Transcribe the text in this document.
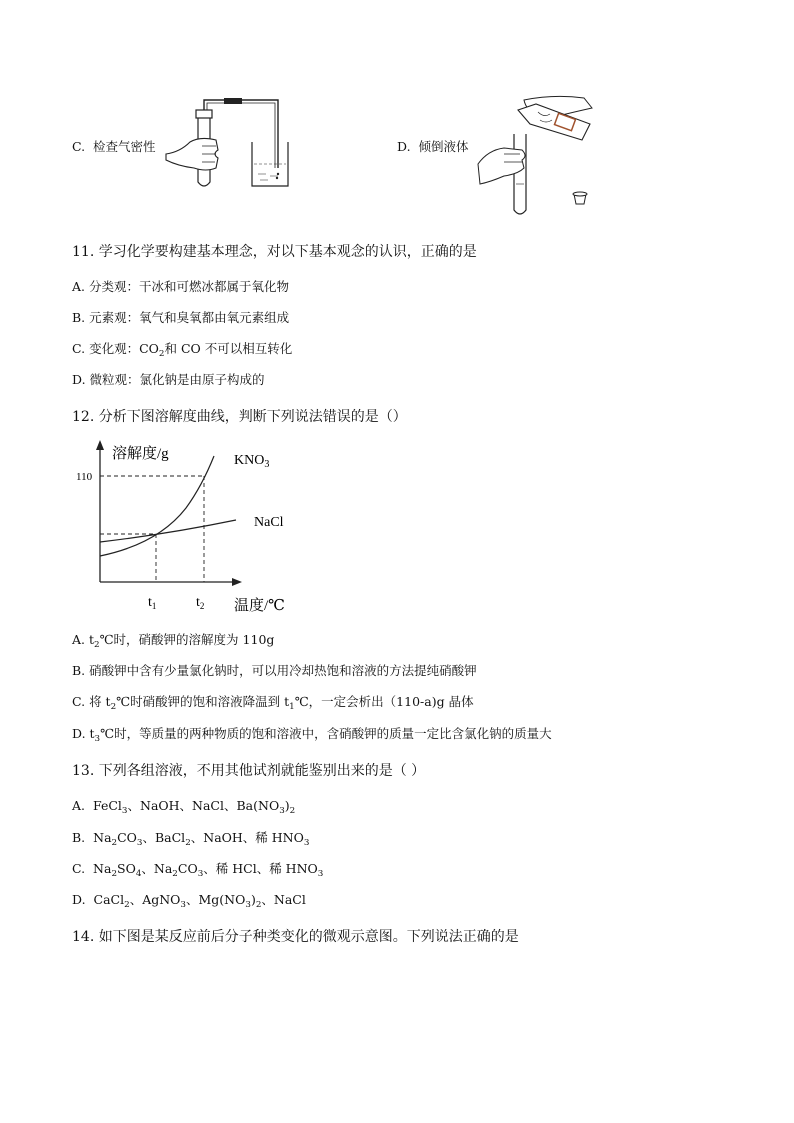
C. 检查气密性	D. 倾倒液体
11. 学习化学要构建基本理念，对以下基本观念的认识，正确的是
A. 分类观：干冰和可燃冰都属于氧化物
B. 元素观：氧气和臭氧都由氧元素组成
C. 变化观：$CO_2$和 CO 不可以相互转化
D. 微粒观：氯化钠是由原子构成的
12. 分析下图溶解度曲线，判断下列说法错误的是（）
溶解度/g
110
$KNO_3$
NaCl
$t_1$	$t_2$ 温度/℃
A. $t_2℃$时，硝酸钾的溶解度为 110g
B. 硝酸钾中含有少量氯化钠时，可以用冷却热饱和溶液的方法提纯硝酸钾
C. 将 $t_2℃$时硝酸钾的饱和溶液降温到 $t_1℃$，一定会析出（110-a)g 晶体
D. $t_3℃$时，等质量的两种物质的饱和溶液中，含硝酸钾的质量一定比含氯化钠的质量大
13. 下列各组溶液，不用其他试剂就能鉴别出来的是（ ）
A. FeCl$_3$、NaOH、NaCl、$Ba(NO_3)_2$
B. $Na_2CO_3$、BaCl$_2$、NaOH、稀 $HNO_3$
C. $Na_2SO_4$、$Na_2CO_3$、稀 HCl、稀 $HNO_3$
D. CaCl$_2$、AgNO$_3$、$Mg(NO_3)_2$、NaCl
14. 如下图是某反应前后分子种类变化的微观示意图。下列说法正确的是
